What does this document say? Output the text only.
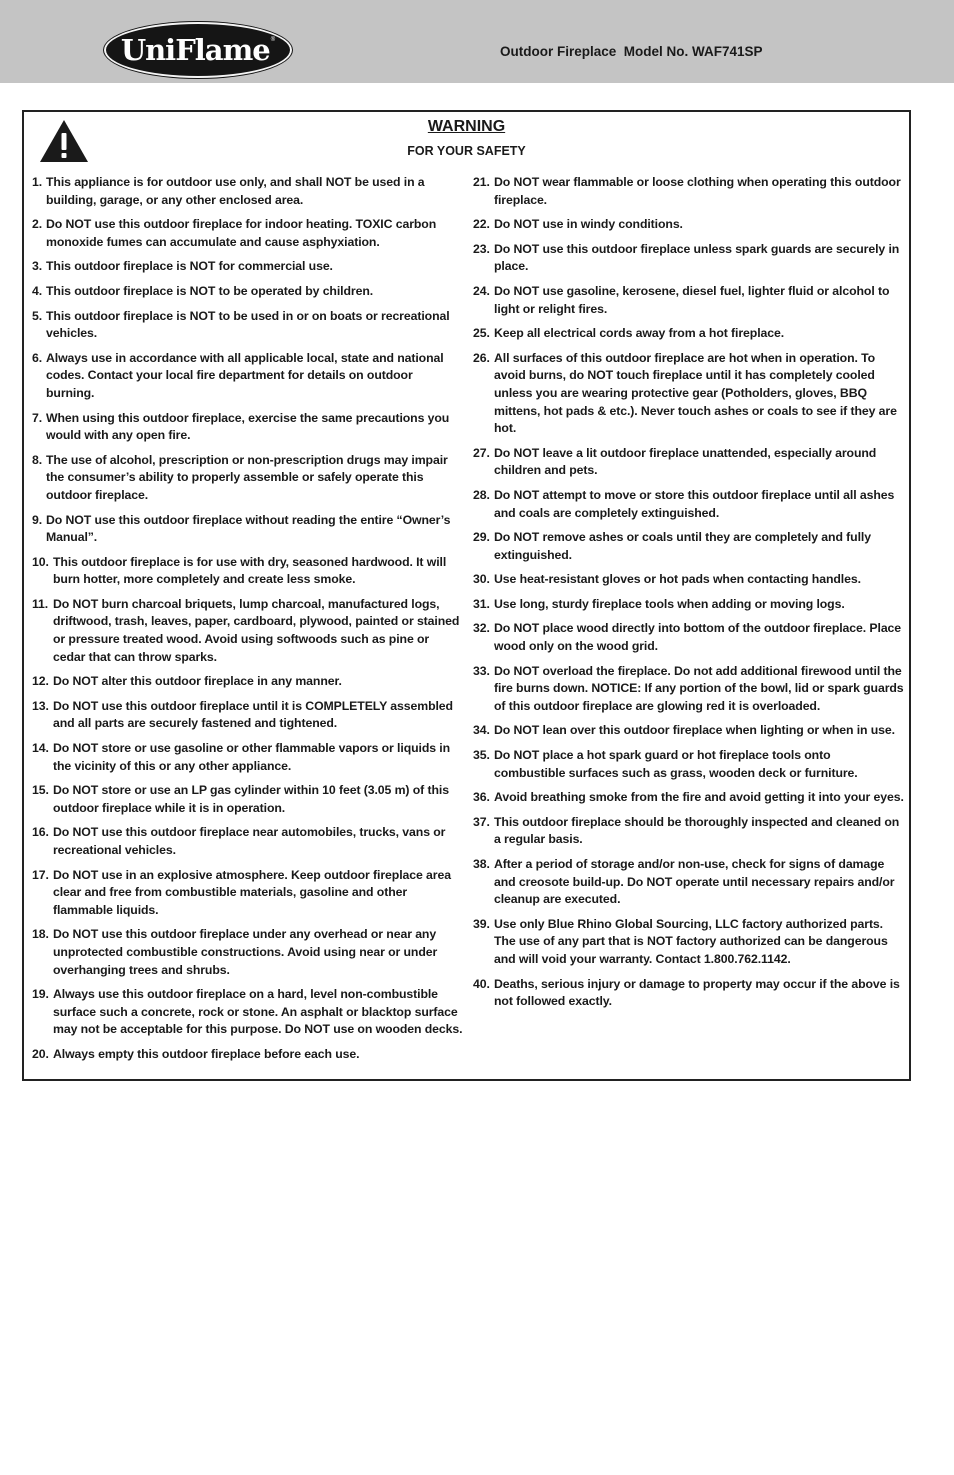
UniFlame ®
Outdoor Fireplace  Model No. WAF741SP
WARNING
FOR YOUR SAFETY
1. This appliance is for outdoor use only, and shall NOT be used in a building, garage, or any other enclosed area.
2. Do NOT use this outdoor fireplace for indoor heating. TOXIC carbon monoxide fumes can accumulate and cause asphyxiation.
3. This outdoor fireplace is NOT for commercial use.
4. This outdoor fireplace is NOT to be operated by children.
5. This outdoor fireplace is NOT to be used in or on boats or recreational vehicles.
6. Always use in accordance with all applicable local, state and national codes. Contact your local fire department for details on outdoor burning.
7. When using this outdoor fireplace, exercise the same precautions you would with any open fire.
8. The use of alcohol, prescription or non-prescription drugs may impair the consumer’s ability to properly assemble or safely operate this outdoor fireplace.
9. Do NOT use this outdoor fireplace without reading the entire “Owner’s Manual”.
10. This outdoor fireplace is for use with dry, seasoned hardwood. It will burn hotter, more completely and create less smoke.
11. Do NOT burn charcoal briquets, lump charcoal, manufactured logs, driftwood, trash, leaves, paper, cardboard, plywood, painted or stained or pressure treated wood. Avoid using softwoods such as pine or cedar that can throw sparks.
12. Do NOT alter this outdoor fireplace in any manner.
13. Do NOT use this outdoor fireplace until it is COMPLETELY assembled and all parts are securely fastened and tightened.
14. Do NOT store or use gasoline or other flammable vapors or liquids in the vicinity of this or any other appliance.
15. Do NOT store or use an LP gas cylinder within 10 feet (3.05 m) of this outdoor fireplace while it is in operation.
16. Do NOT use this outdoor fireplace near automobiles, trucks, vans or recreational vehicles.
17. Do NOT use in an explosive atmosphere. Keep outdoor fireplace area clear and free from combustible materials, gasoline and other flammable liquids.
18. Do NOT use this outdoor fireplace under any overhead or near any unprotected combustible constructions. Avoid using near or under overhanging trees and shrubs.
19. Always use this outdoor fireplace on a hard, level non-combustible surface such a concrete, rock or stone. An asphalt or blacktop surface may not be acceptable for this purpose. Do NOT use on wooden decks.
20. Always empty this outdoor fireplace before each use.
21. Do NOT wear flammable or loose clothing when operating this outdoor fireplace.
22. Do NOT use in windy conditions.
23. Do NOT use this outdoor fireplace unless spark guards are securely in place.
24. Do NOT use gasoline, kerosene, diesel fuel, lighter fluid or alcohol to light or relight fires.
25. Keep all electrical cords away from a hot fireplace.
26. All surfaces of this outdoor fireplace are hot when in operation. To avoid burns, do NOT touch fireplace until it has completely cooled unless you are wearing protective gear (Potholders, gloves, BBQ mittens, hot pads & etc.). Never touch ashes or coals to see if they are hot.
27. Do NOT leave a lit outdoor fireplace unattended, especially around children and pets.
28. Do NOT attempt to move or store this outdoor fireplace until all ashes and coals are completely extinguished.
29. Do NOT remove ashes or coals until they are completely and fully extinguished.
30. Use heat-resistant gloves or hot pads when contacting handles.
31. Use long, sturdy fireplace tools when adding or moving logs.
32. Do NOT place wood directly into bottom of the outdoor fireplace. Place wood only on the wood grid.
33. Do NOT overload the fireplace. Do not add additional firewood until the fire burns down. NOTICE: If any portion of the bowl, lid or spark guards of this outdoor fireplace are glowing red it is overloaded.
34. Do NOT lean over this outdoor fireplace when lighting or when in use.
35. Do NOT place a hot spark guard or hot fireplace tools onto combustible surfaces such as grass, wooden deck or furniture.
36. Avoid breathing smoke from the fire and avoid getting it into your eyes.
37. This outdoor fireplace should be thoroughly inspected and cleaned on a regular basis.
38. After a period of storage and/or non-use, check for signs of damage and creosote build-up. Do NOT operate until necessary repairs and/or cleanup are executed.
39. Use only Blue Rhino Global Sourcing, LLC factory authorized parts. The use of any part that is NOT factory authorized can be dangerous and will void your warranty. Contact 1.800.762.1142.
40. Deaths, serious injury or damage to property may occur if the above is not followed exactly.
